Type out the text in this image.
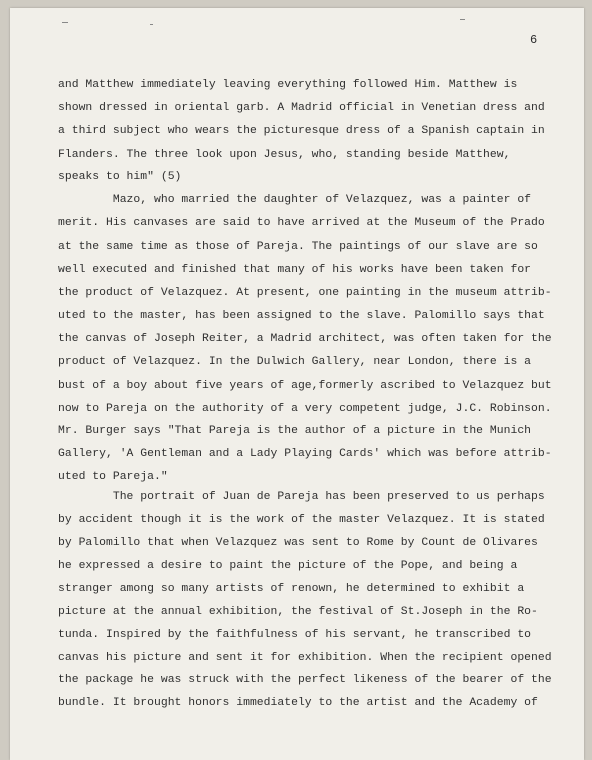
6
and Matthew immediately leaving everything followed Him. Matthew is
shown dressed in oriental garb. A Madrid official in Venetian dress and
a third subject who wears the picturesque dress of a Spanish captain in
Flanders. The three look upon Jesus, who, standing beside Matthew,
speaks to him" (5)
Mazo, who married the daughter of Velazquez, was a painter of
merit. His canvases are said to have arrived at the Museum of the Prado
at the same time as those of Pareja. The paintings of our slave are so
well executed and finished that many of his works have been taken for
the product of Velazquez. At present, one painting in the museum attrib-
uted to the master, has been assigned to the slave. Palomillo says that
the canvas of Joseph Reiter, a Madrid architect, was often taken for the
product of Velazquez. In the Dulwich Gallery, near London, there is a
bust of a boy about five years of age,formerly ascribed to Velazquez but
now to Pareja on the authority of a very competent judge, J.C. Robinson.
Mr. Burger says "That Pareja is the author of a picture in the Munich
Gallery, 'A Gentleman and a Lady Playing Cards' which was before attrib-
uted to Pareja."
The portrait of Juan de Pareja has been preserved to us perhaps
by accident though it is the work of the master Velazquez. It is stated
by Palomillo that when Velazquez was sent to Rome by Count de Olivares
he expressed a desire to paint the picture of the Pope, and being a
stranger among so many artists of renown, he determined to exhibit a
picture at the annual exhibition, the festival of St.Joseph in the Ro-
tunda. Inspired by the faithfulness of his servant, he transcribed to
canvas his picture and sent it for exhibition. When the recipient opened
the package he was struck with the perfect likeness of the bearer of the
bundle. It brought honors immediately to the artist and the Academy of
